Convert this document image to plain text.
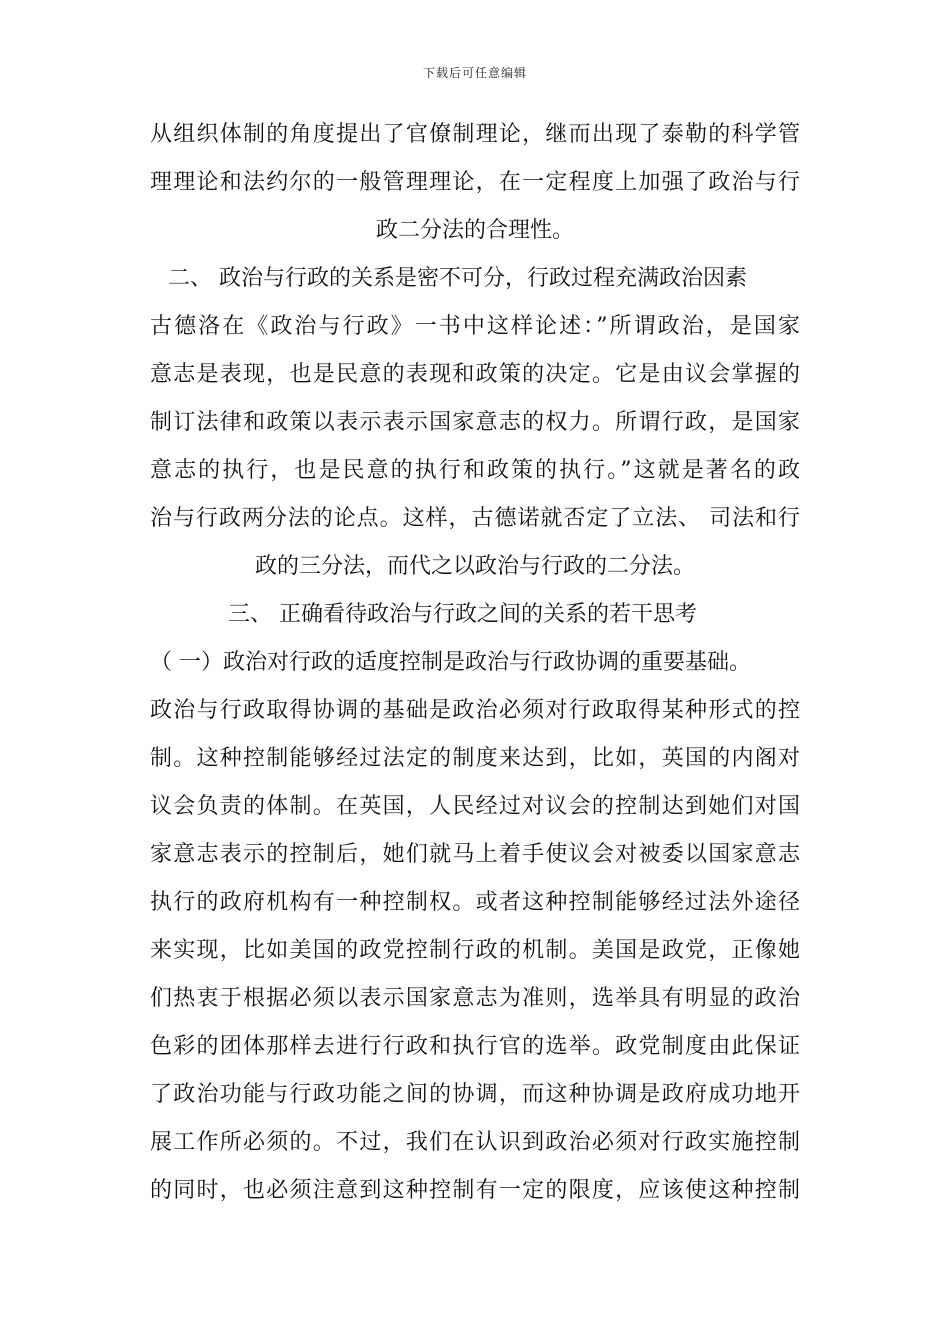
下载后可任意编辑
从组织体制的角度提出了官僚制理论，继而出现了泰勒的科学管
理理论和法约尔的一般管理理论，在一定程度上加强了政治与行
政二分法的合理性。
二、 政治与行政的关系是密不可分，行政过程充满政治因素
古德洛在《政治与行政》一书中这样论述：”所谓政治，是国家
意志是表现，也是民意的表现和政策的决定。它是由议会掌握的
制订法律和政策以表示表示国家意志的权力。所谓行政，是国家
意志的执行，也是民意的执行和政策的执行。”这就是著名的政
治与行政两分法的论点。这样，古德诺就否定了立法、 司法和行
政的三分法，而代之以政治与行政的二分法。
三、 正确看待政治与行政之间的关系的若干思考
（ 一）政治对行政的适度控制是政治与行政协调的重要基础。
政治与行政取得协调的基础是政治必须对行政取得某种形式的控
制。这种控制能够经过法定的制度来达到，比如，英国的内阁对
议会负责的体制。在英国，人民经过对议会的控制达到她们对国
家意志表示的控制后，她们就马上着手使议会对被委以国家意志
执行的政府机构有一种控制权。或者这种控制能够经过法外途径
来实现，比如美国的政党控制行政的机制。美国是政党，正像她
们热衷于根据必须以表示国家意志为准则，选举具有明显的政治
色彩的团体那样去进行行政和执行官的选举。政党制度由此保证
了政治功能与行政功能之间的协调，而这种协调是政府成功地开
展工作所必须的。不过，我们在认识到政治必须对行政实施控制
的同时，也必须注意到这种控制有一定的限度，应该使这种控制
